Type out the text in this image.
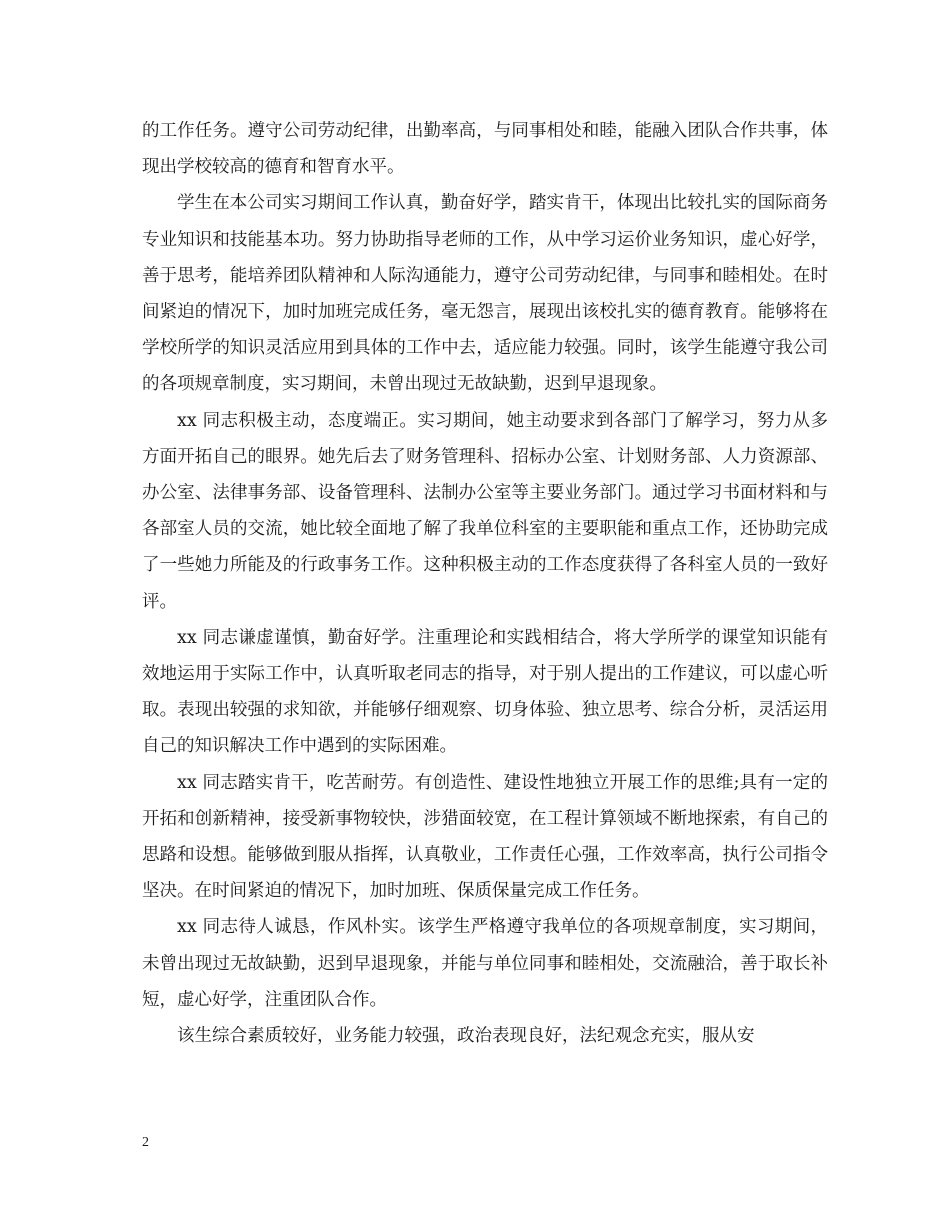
的工作任务。遵守公司劳动纪律，出勤率高，与同事相处和睦，能融入团队合作共事，体现出学校较高的德育和智育水平。

学生在本公司实习期间工作认真，勤奋好学，踏实肯干，体现出比较扎实的国际商务专业知识和技能基本功。努力协助指导老师的工作，从中学习运价业务知识，虚心好学，善于思考，能培养团队精神和人际沟通能力，遵守公司劳动纪律，与同事和睦相处。在时间紧迫的情况下，加时加班完成任务，毫无怨言，展现出该校扎实的德育教育。能够将在学校所学的知识灵活应用到具体的工作中去，适应能力较强。同时，该学生能遵守我公司的各项规章制度，实习期间，未曾出现过无故缺勤，迟到早退现象。

xx 同志积极主动，态度端正。实习期间，她主动要求到各部门了解学习，努力从多方面开拓自己的眼界。她先后去了财务管理科、招标办公室、计划财务部、人力资源部、办公室、法律事务部、设备管理科、法制办公室等主要业务部门。通过学习书面材料和与各部室人员的交流，她比较全面地了解了我单位科室的主要职能和重点工作，还协助完成了一些她力所能及的行政事务工作。这种积极主动的工作态度获得了各科室人员的一致好评。

xx 同志谦虚谨慎，勤奋好学。注重理论和实践相结合，将大学所学的课堂知识能有效地运用于实际工作中，认真听取老同志的指导，对于别人提出的工作建议，可以虚心听取。表现出较强的求知欲，并能够仔细观察、切身体验、独立思考、综合分析，灵活运用自己的知识解决工作中遇到的实际困难。

xx 同志踏实肯干，吃苦耐劳。有创造性、建设性地独立开展工作的思维;具有一定的开拓和创新精神，接受新事物较快，涉猎面较宽，在工程计算领域不断地探索，有自己的思路和设想。能够做到服从指挥，认真敬业，工作责任心强，工作效率高，执行公司指令坚决。在时间紧迫的情况下，加时加班、保质保量完成工作任务。

xx 同志待人诚恳，作风朴实。该学生严格遵守我单位的各项规章制度，实习期间，未曾出现过无故缺勤，迟到早退现象，并能与单位同事和睦相处，交流融洽，善于取长补短，虚心好学，注重团队合作。

该生综合素质较好，业务能力较强，政治表现良好，法纪观念充实，服从安

2
